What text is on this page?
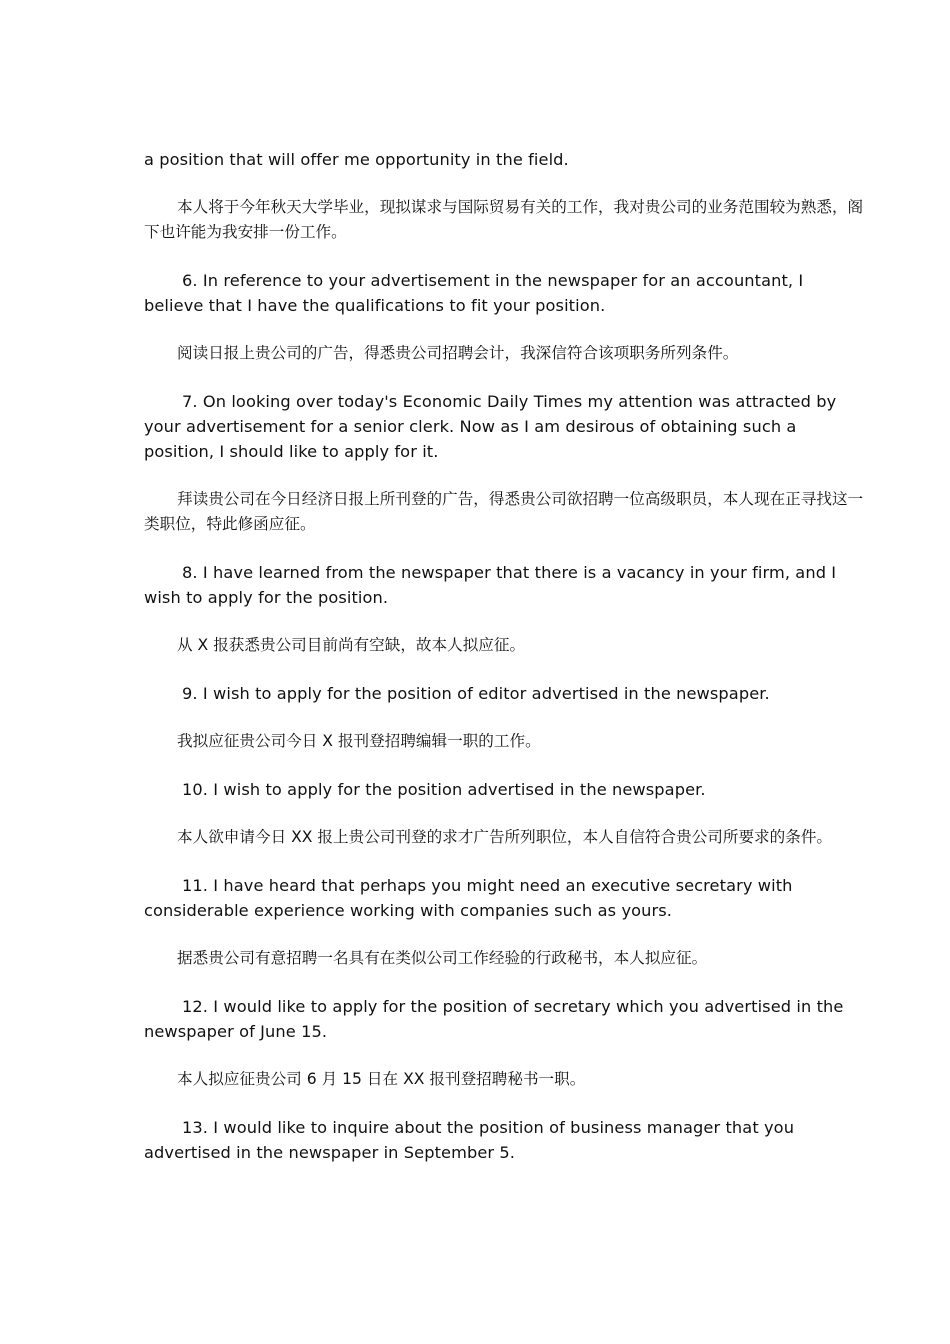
a position that will offer me opportunity in the field.

本人将于今年秋天大学毕业，现拟谋求与国际贸易有关的工作，我对贵公司的业务范围较为熟悉，阁下也许能为我安排一份工作。

6. In reference to your advertisement in the newspaper for an accountant, I believe that I have the qualifications to fit your position.

阅读日报上贵公司的广告，得悉贵公司招聘会计，我深信符合该项职务所列条件。

7. On looking over today's Economic Daily Times my attention was attracted by your advertisement for a senior clerk. Now as I am desirous of obtaining such a position, I should like to apply for it.

拜读贵公司在今日经济日报上所刊登的广告，得悉贵公司欲招聘一位高级职员，本人现在正寻找这一类职位，特此修函应征。

8. I have learned from the newspaper that there is a vacancy in your firm, and I wish to apply for the position.

从 X 报获悉贵公司目前尚有空缺，故本人拟应征。

9. I wish to apply for the position of editor advertised in the newspaper.

我拟应征贵公司今日 X 报刊登招聘编辑一职的工作。

10. I wish to apply for the position advertised in the newspaper.

本人欲申请今日 XX 报上贵公司刊登的求才广告所列职位，本人自信符合贵公司所要求的条件。

11. I have heard that perhaps you might need an executive secretary with considerable experience working with companies such as yours.

据悉贵公司有意招聘一名具有在类似公司工作经验的行政秘书，本人拟应征。

12. I would like to apply for the position of secretary which you advertised in the newspaper of June 15.

本人拟应征贵公司 6 月 15 日在 XX 报刊登招聘秘书一职。

13. I would like to inquire about the position of business manager that you advertised in the newspaper in September 5.
